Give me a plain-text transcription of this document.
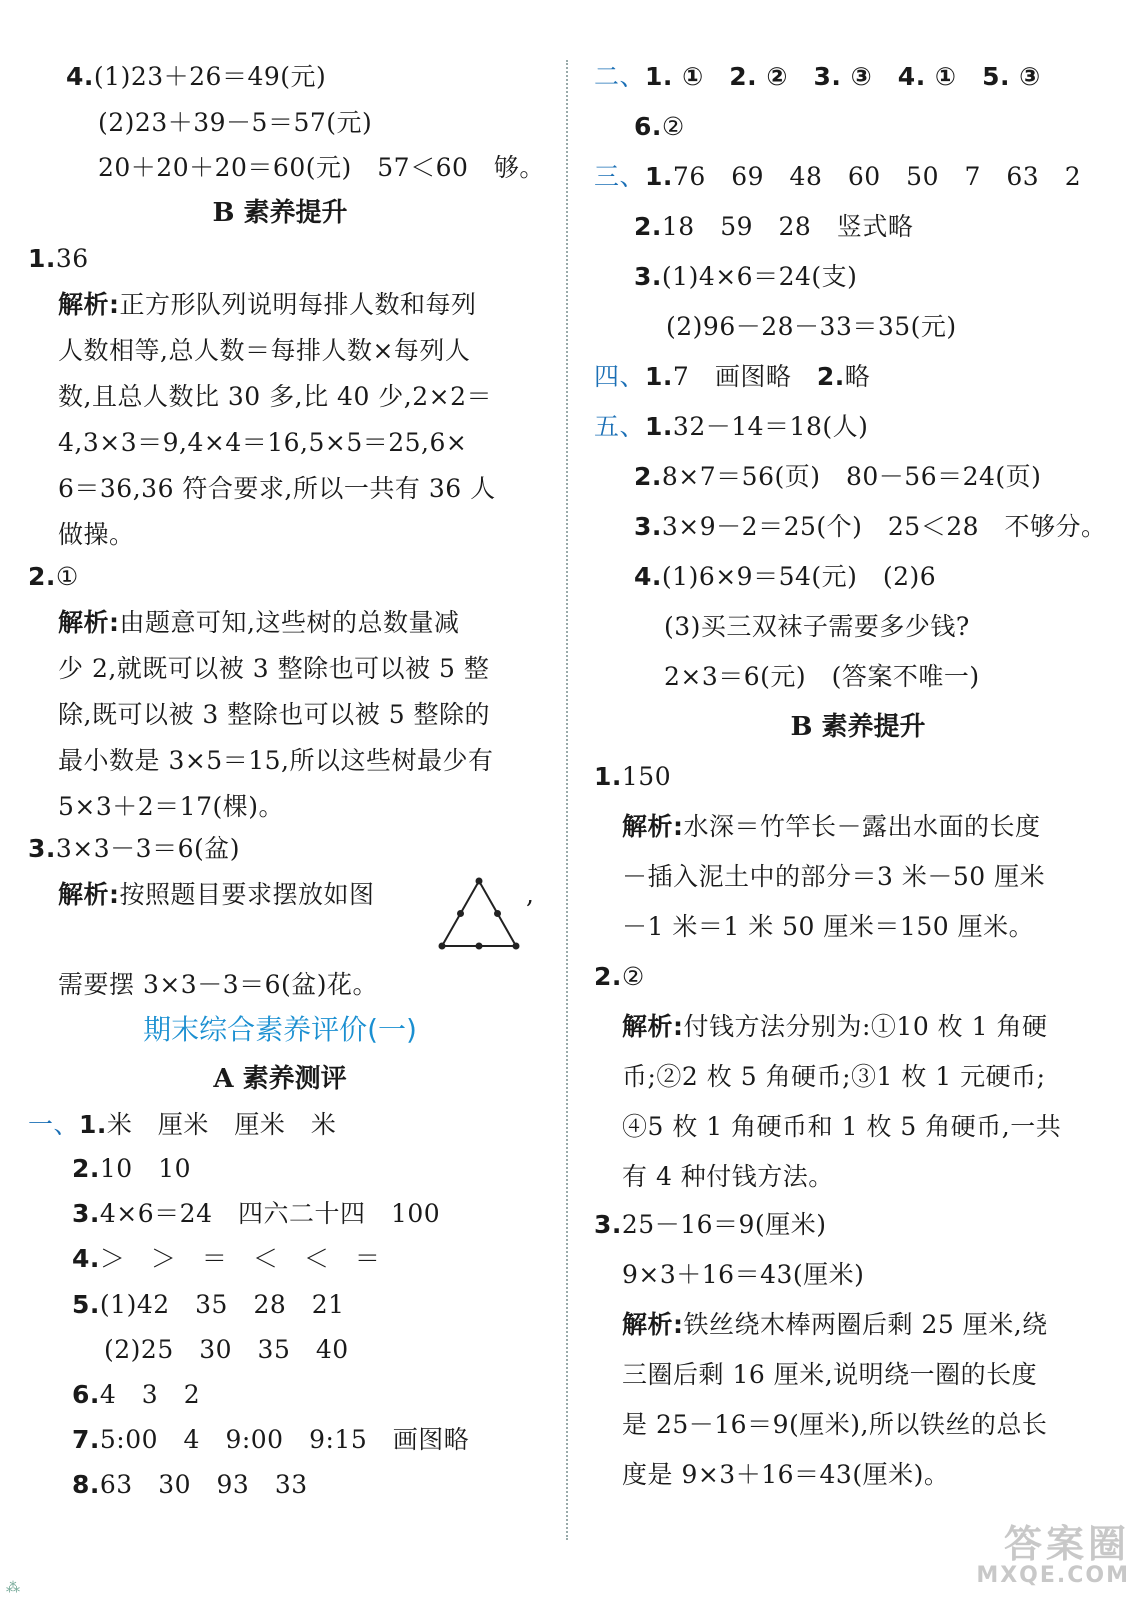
4.(1)23＋26＝49(元)
(2)23＋39－5＝57(元)
20＋20＋20＝60(元)　57＜60　够。
B 素养提升
1.36
解析:正方形队列说明每排人数和每列
人数相等,总人数＝每排人数×每列人
数,且总人数比 30 多,比 40 少,2×2＝
4,3×3＝9,4×4＝16,5×5＝25,6×
6＝36,36 符合要求,所以一共有 36 人
做操。
2.①
解析:由题意可知,这些树的总数量减
少 2,就既可以被 3 整除也可以被 5 整
除,既可以被 3 整除也可以被 5 整除的
最小数是 3×5＝15,所以这些树最少有
5×3＋2＝17(棵)。
3.3×3－3＝6(盆)
解析:按照题目要求摆放如图	,
需要摆 3×3－3＝6(盆)花。
期末综合素养评价(一)
A 素养测评
一、1.米　厘米　厘米　米
2.10　10
3.4×6＝24　四六二十四　100
4.＞　＞　＝　＜　＜　＝
5.(1)42　35　28　21
(2)25　30　35　40
6.4　3　2
7.5:00　4　9:00　9:15　画图略
8.63　30　93　33
二、1. ①　2. ②　3. ③　4. ①　5. ③
6.②
三、1.76　69　48　60　50　7　63　2
2.18　59　28　竖式略
3.(1)4×6＝24(支)
(2)96－28－33＝35(元)
四、1.7　画图略　2.略
五、1.32－14＝18(人)
2.8×7＝56(页)　80－56＝24(页)
3.3×9－2＝25(个)　25＜28　不够分。
4.(1)6×9＝54(元)　(2)6
(3)买三双袜子需要多少钱?
2×3＝6(元)　(答案不唯一)
B 素养提升
1.150
解析:水深＝竹竿长－露出水面的长度
－插入泥土中的部分＝3 米－50 厘米
－1 米＝1 米 50 厘米＝150 厘米。
2.②
解析:付钱方法分别为:①10 枚 1 角硬
币;②2 枚 5 角硬币;③1 枚 1 元硬币;
④5 枚 1 角硬币和 1 枚 5 角硬币,一共
有 4 种付钱方法。
3.25－16＝9(厘米)
9×3＋16＝43(厘米)
解析:铁丝绕木棒两圈后剩 25 厘米,绕
三圈后剩 16 厘米,说明绕一圈的长度
是 25－16＝9(厘米),所以铁丝的总长
度是 9×3＋16＝43(厘米)。
答案圈
MXQE.COM
⁂
